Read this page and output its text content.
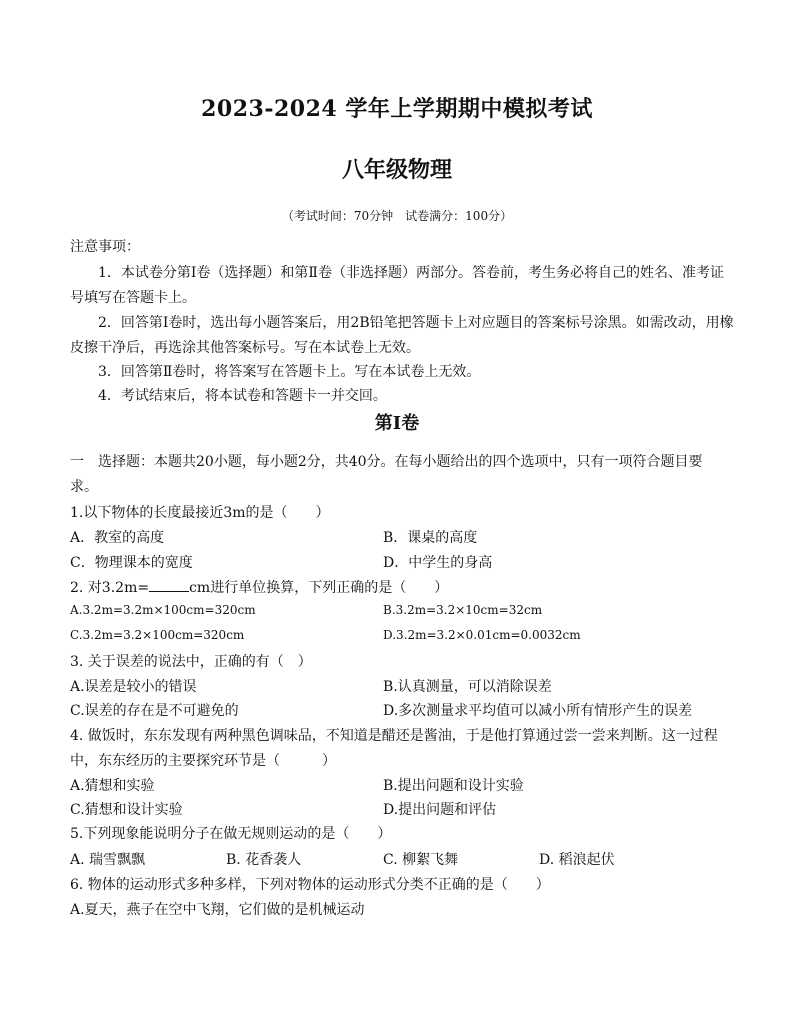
2023-2024 学年上学期期中模拟考试
八年级物理
（考试时间：70分钟　试卷满分：100分）
注意事项：
1．本试卷分第Ⅰ卷（选择题）和第Ⅱ卷（非选择题）两部分。答卷前，考生务必将自己的姓名、准考证
号填写在答题卡上。
2．回答第Ⅰ卷时，选出每小题答案后，用2B铅笔把答题卡上对应题目的答案标号涂黑。如需改动，用橡
皮擦干净后，再选涂其他答案标号。写在本试卷上无效。
3．回答第Ⅱ卷时，将答案写在答题卡上。写在本试卷上无效。
4．考试结束后，将本试卷和答题卡一并交回。
第Ⅰ卷
一　选择题：本题共20小题，每小题2分，共40分。在每小题给出的四个选项中，只有一项符合题目要
求。
1.以下物体的长度最接近3m的是（　　）
A．教室的高度	B．课桌的高度
C．物理课本的宽度	D．中学生的身高
2. 对3.2m=	cm进行单位换算，下列正确的是（　　）
A.3.2m=3.2m×100cm=320cm	B.3.2m=3.2×10cm=32cm
C.3.2m=3.2×100cm=320cm	D.3.2m=3.2×0.01cm=0.0032cm
3. 关于误差的说法中，正确的有（　）
A.误差是较小的错误	B.认真测量，可以消除误差
C.误差的存在是不可避免的	D.多次测量求平均值可以减小所有情形产生的误差
4. 做饭时，东东发现有两种黑色调味品，不知道是醋还是酱油，于是他打算通过尝一尝来判断。这一过程
中，东东经历的主要探究环节是（　　　）
A.猜想和实验	B.提出问题和设计实验
C.猜想和设计实验	D.提出问题和评估
5.下列现象能说明分子在做无规则运动的是（　　）
A. 瑞雪飘飘	B. 花香袭人	C. 柳絮飞舞	D. 稻浪起伏
6. 物体的运动形式多种多样，下列对物体的运动形式分类不正确的是（　　）
A.夏天，燕子在空中飞翔，它们做的是机械运动
